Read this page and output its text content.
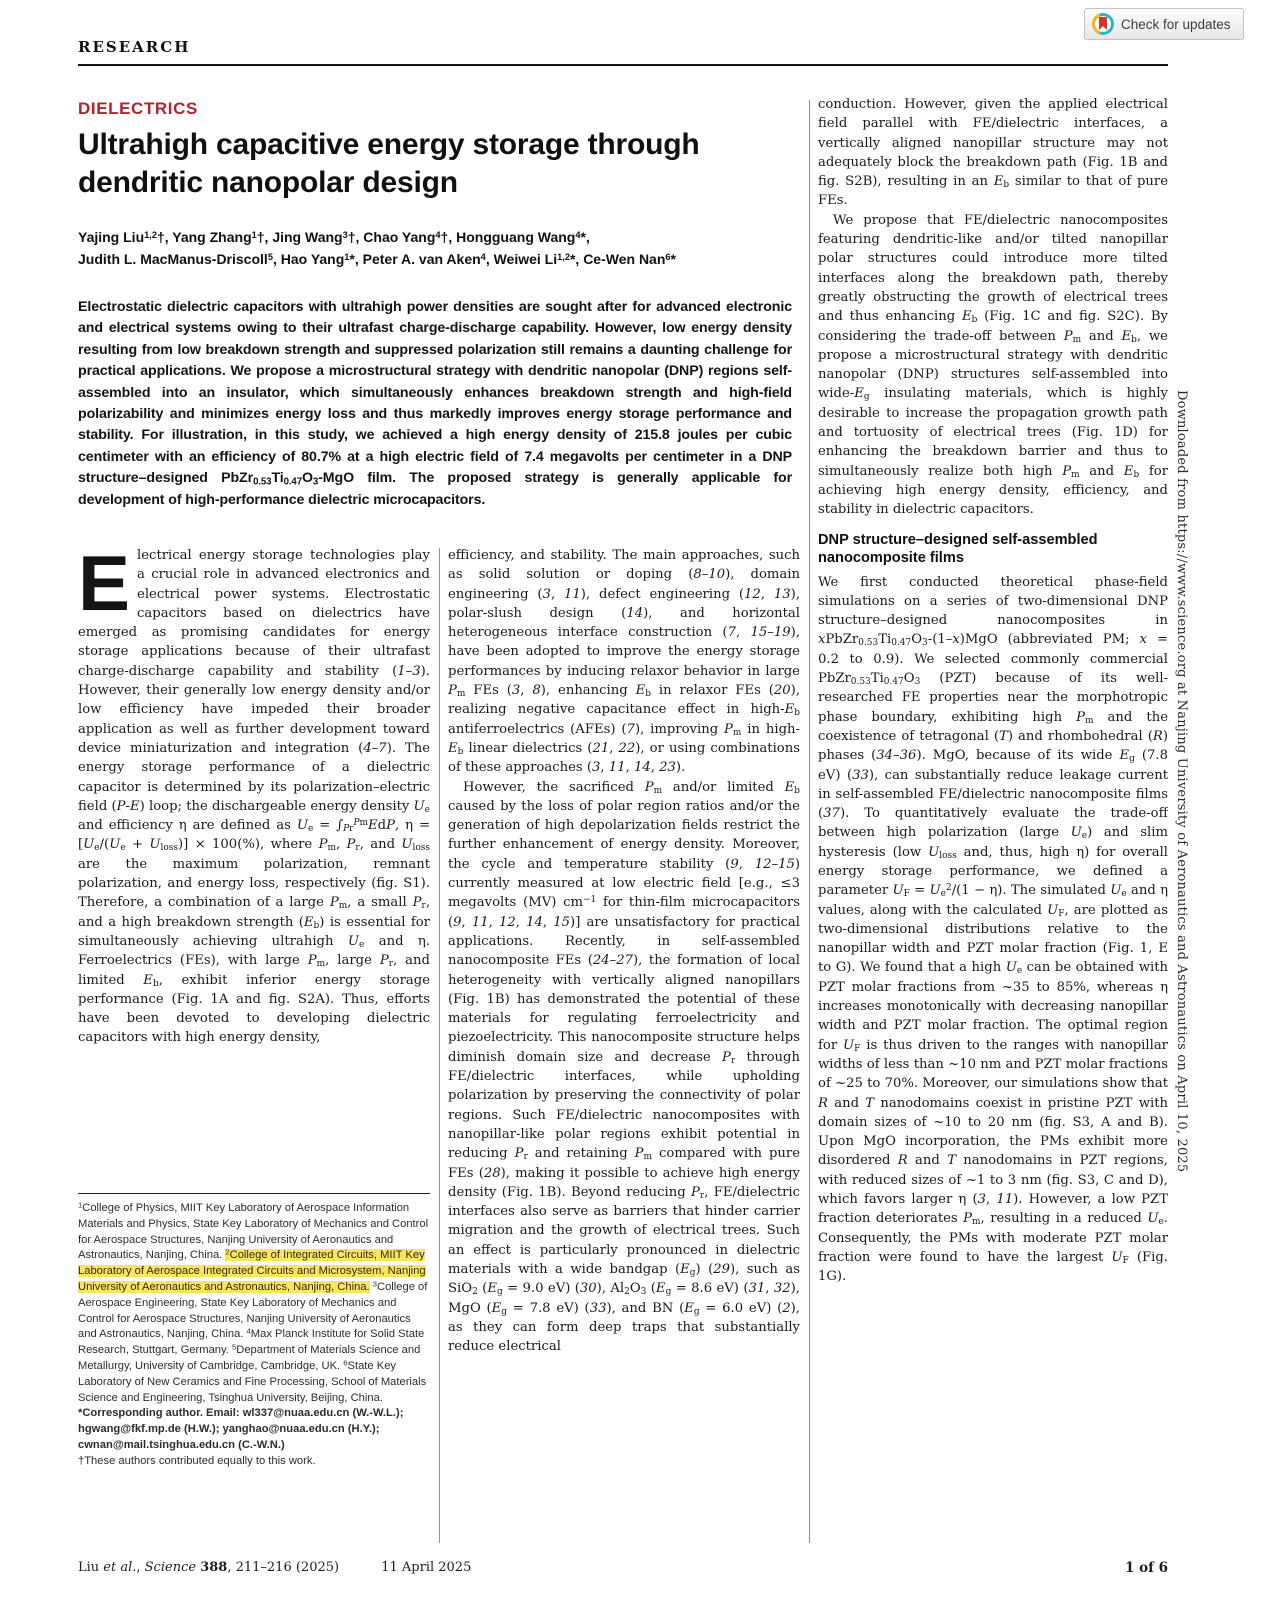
RESEARCH
Check for updates
DIELECTRICS
Ultrahigh capacitive energy storage through dendritic nanopolar design
Yajing Liu$^{1,2}$†, Yang Zhang$^1$†, Jing Wang$^3$†, Chao Yang$^4$†, Hongguang Wang$^4$*,
Judith L. MacManus-Driscoll$^5$, Hao Yang$^1$*, Peter A. van Aken$^4$, Weiwei Li$^{1,2}$*, Ce-Wen Nan$^6$*

Electrostatic dielectric capacitors with ultrahigh power densities are sought after for advanced electronic and electrical systems owing to their ultrafast charge-discharge capability. However, low energy density resulting from low breakdown strength and suppressed polarization still remains a daunting challenge for practical applications. We propose a microstructural strategy with dendritic nanopolar (DNP) regions self-assembled into an insulator, which simultaneously enhances breakdown strength and high-field polarizability and minimizes energy loss and thus markedly improves energy storage performance and stability. For illustration, in this study, we achieved a high energy density of 215.8 joules per cubic centimeter with an efficiency of 80.7% at a high electric field of 7.4 megavolts per centimeter in a DNP structure–designed $PbZr_{0.53}Ti_{0.47}O_3$-MgO film. The proposed strategy is generally applicable for development of high-performance dielectric microcapacitors.

Electrical energy storage technologies play a crucial role in advanced electronics and electrical power systems. Electrostatic capacitors based on dielectrics have emerged as promising candidates for energy storage applications because of their ultrafast charge-discharge capability and stability (1–3). However, their generally low energy density and/or low efficiency have impeded their broader application as well as further development toward device miniaturization and integration (4–7). The energy storage performance of a dielectric capacitor is determined by its polarization–electric field (P-E) loop; the dischargeable energy density $U_e$ and efficiency η are defined as $U_e = \int_{Pr}^{Pm}EdP$, $\eta = [U_e/(U_e + U_{loss})] \times 100(\%)$, where $P_m$, $P_r$, and $U_{loss}$ are the maximum polarization, remnant polarization, and energy loss, respectively (fig. S1). Therefore, a combination of a large $P_m$, a small $P_r$, and a high breakdown strength $(E_b)$ is essential for simultaneously achieving ultrahigh $U_e$ and η. Ferroelectrics (FEs), with large $P_m$, large $P_r$, and limited $E_b$, exhibit inferior energy storage performance (Fig. 1A and fig. S2A). Thus, efforts have been devoted to developing dielectric capacitors with high energy density,

$^1$College of Physics, MIIT Key Laboratory of Aerospace Information Materials and Physics, State Key Laboratory of Mechanics and Control for Aerospace Structures, Nanjing University of Aeronautics and Astronautics, Nanjing, China. $^2$College of Integrated Circuits, MIIT Key Laboratory of Aerospace Integrated Circuits and Microsystem, Nanjing University of Aeronautics and Astronautics, Nanjing, China. $^3$College of Aerospace Engineering, State Key Laboratory of Mechanics and Control for Aerospace Structures, Nanjing University of Aeronautics and Astronautics, Nanjing, China. $^4$Max Planck Institute for Solid State Research, Stuttgart, Germany. $^5$Department of Materials Science and Metallurgy, University of Cambridge, Cambridge, UK. $^6$State Key Laboratory of New Ceramics and Fine Processing, School of Materials Science and Engineering, Tsinghua University, Beijing, China.

*Corresponding author. Email: wl337@nuaa.edu.cn (W.-W.L.); hgwang@fkf.mp.de (H.W.); yanghao@nuaa.edu.cn (H.Y.); cwnan@mail.tsinghua.edu.cn (C.-W.N.)

†These authors contributed equally to this work.

efficiency, and stability. The main approaches, such as solid solution or doping (8–10), domain engineering (3, 11), defect engineering (12, 13), polar-slush design (14), and horizontal heterogeneous interface construction (7, 15–19), have been adopted to improve the energy storage performances by inducing relaxor behavior in large $P_m$ FEs (3, 8), enhancing $E_b$ in relaxor FEs (20), realizing negative capacitance effect in high-$E_b$ antiferroelectrics (AFEs) (7), improving $P_m$ in high-$E_b$ linear dielectrics (21, 22), or using combinations of these approaches (3, 11, 14, 23).

However, the sacrificed $P_m$ and/or limited $E_b$ caused by the loss of polar region ratios and/or the generation of high depolarization fields restrict the further enhancement of energy density. Moreover, the cycle and temperature stability (9, 12–15) currently measured at low electric field [e.g., ≤3 megavolts (MV) $cm^{-1}$ for thin-film microcapacitors (9, 11, 12, 14, 15)] are unsatisfactory for practical applications. Recently, in self-assembled nanocomposite FEs (24–27), the formation of local heterogeneity with vertically aligned nanopillars (Fig. 1B) has demonstrated the potential of these materials for regulating ferroelectricity and piezoelectricity. This nanocomposite structure helps diminish domain size and decrease $P_r$ through FE/dielectric interfaces, while upholding polarization by preserving the connectivity of polar regions. Such FE/dielectric nanocomposites with nanopillar-like polar regions exhibit potential in reducing $P_r$ and retaining $P_m$ compared with pure FEs (28), making it possible to achieve high energy density (Fig. 1B). Beyond reducing $P_r$, FE/dielectric interfaces also serve as barriers that hinder carrier migration and the growth of electrical trees. Such an effect is particularly pronounced in dielectric materials with a wide bandgap $(E_g)$ (29), such as SiO$_2$ ($E_g = 9.0$ eV) (30), $Al_2O_3$ ($E_g = 8.6$ eV) (31, 32), MgO ($E_g = 7.8$ eV) (33), and BN ($E_g = 6.0$ eV) (2), as they can form deep traps that substantially reduce electrical

conduction. However, given the applied electrical field parallel with FE/dielectric interfaces, a vertically aligned nanopillar structure may not adequately block the breakdown path (Fig. 1B and fig. S2B), resulting in an $E_b$ similar to that of pure FEs.

We propose that FE/dielectric nanocomposites featuring dendritic-like and/or tilted nanopillar polar structures could introduce more tilted interfaces along the breakdown path, thereby greatly obstructing the growth of electrical trees and thus enhancing $E_b$ (Fig. 1C and fig. S2C). By considering the trade-off between $P_m$ and $E_b$, we propose a microstructural strategy with dendritic nanopolar (DNP) structures self-assembled into wide-$E_g$ insulating materials, which is highly desirable to increase the propagation growth path and tortuosity of electrical trees (Fig. 1D) for enhancing the breakdown barrier and thus to simultaneously realize both high $P_m$ and $E_b$ for achieving high energy density, efficiency, and stability in dielectric capacitors.

DNP structure–designed self-assembled nanocomposite films

We first conducted theoretical phase-field simulations on a series of two-dimensional DNP structure–designed nanocomposites in $xPbZr_{0.53}Ti_{0.47}O_3-(1-x)MgO$ (abbreviated PM; x = 0.2 to 0.9). We selected commonly commercial $PbZr_{0.53}Ti_{0.47}O_3$ (PZT) because of its well-researched FE properties near the morphotropic phase boundary, exhibiting high $P_m$ and the coexistence of tetragonal (T) and rhombohedral (R) phases (34–36). MgO, because of its wide $E_g$ (7.8 eV) (33), can substantially reduce leakage current in self-assembled FE/dielectric nanocomposite films (37). To quantitatively evaluate the trade-off between high polarization (large $U_e$) and slim hysteresis (low $U_{loss}$ and, thus, high η) for overall energy storage performance, we defined a parameter $U_F = U_e^2/(1 - \eta)$. The simulated $U_e$ and η values, along with the calculated $U_F$, are plotted as two-dimensional distributions relative to the nanopillar width and PZT molar fraction (Fig. 1, E to G). We found that a high $U_e$ can be obtained with PZT molar fractions from ~35 to 85%, whereas η increases monotonically with decreasing nanopillar width and PZT molar fraction. The optimal region for $U_F$ is thus driven to the ranges with nanopillar widths of less than ~10 nm and PZT molar fractions of ~25 to 70%. Moreover, our simulations show that R and T nanodomains coexist in pristine PZT with domain sizes of ~10 to 20 nm (fig. S3, A and B). Upon MgO incorporation, the PMs exhibit more disordered R and T nanodomains in PZT regions, with reduced sizes of ~1 to 3 nm (fig. S3, C and D), which favors larger η (3, 11). However, a low PZT fraction deteriorates $P_m$, resulting in a reduced $U_e$. Consequently, the PMs with moderate PZT molar fraction were found to have the largest $U_F$ (Fig. 1G).

Downloaded from https://www.science.org at Nanjing University of Aeronautics and Astronautics on April 10, 2025
1 of 6
Liu et al., Science 388, 211–216 (2025)	11 April 2025
